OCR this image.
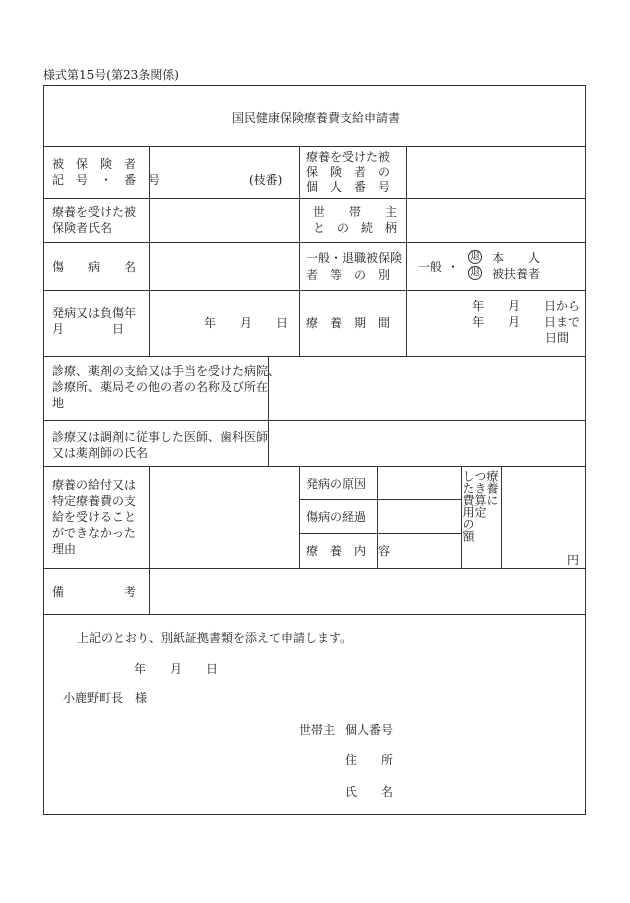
様式第15号(第23条関係)
国民健康保険療養費支給申請書
被　保　険　者
記　号　・　番　号	(枝番)
療養を受けた被
保　険　者　の
個　人　番　号
療養を受けた被
保険者氏名
世　　帯　　主
と　の　続　柄
傷　　病　　名
一般・退職被保険
者　等　の　別
一般 ・
退
退
本　　人
被扶養者
発病又は負傷年
月　　　　日	年　　月　　日 療　養　期　間
年　　月　　日から
年　　月　　日まで
日間
診療、薬剤の支給又は手当を受けた病院、
診療所、薬局その他の者の名称及び所在
地
診療又は調剤に従事した医師、歯科医師
又は薬剤師の氏名
療養の給付又は
特定療養費の支
給を受けること
ができなかった
理由
発病の原因
傷病の経過
療　養　内　容
療養に
つき算定
した費用の額
円
備　　　　　考
上記のとおり、別紙証拠書類を添えて申請します。
年　　月　　日
小鹿野町長　様
世帯主 個人番号
住　　所
氏　　名
